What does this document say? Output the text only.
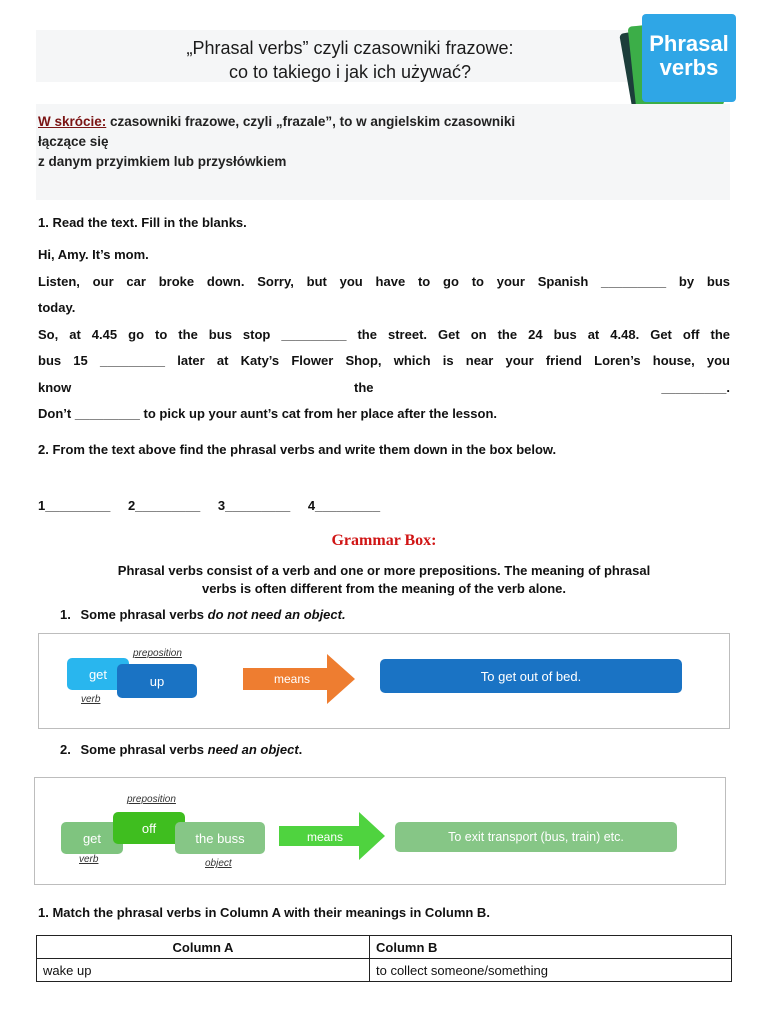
„Phrasal verbs” czyli czasowniki frazowe:
co to takiego i jak ich używać?
Phrasal
verbs
W skrócie: czasowniki frazowe, czyli „frazale”, to w angielskim czasowniki
łączące się
z danym przyimkiem lub przysłówkiem
1. Read the text. Fill in the blanks.
Hi, Amy. It’s mom.
Listen, our car broke down. Sorry, but you have to go to your Spanish _________ by bus
today.
So, at 4.45 go to the bus stop _________ the street. Get on the 24 bus at 4.48. Get off the
bus 15 _________ later at Katy’s Flower Shop, which is near your friend Loren’s house, you
know	the	_________.
Don’t _________ to pick up your aunt’s cat from her place after the lesson.
2. From the text above find the phrasal verbs and write them down in the box below.
1_________ 2_________ 3_________ 4_________
Grammar Box:
Phrasal verbs consist of a verb and one or more prepositions. The meaning of phrasal
verbs is often different from the meaning of the verb alone.
1. Some phrasal verbs do not need an object.
preposition
get	up
verb
means	To get out of bed.
2. Some phrasal verbs need an object.
preposition
get
off
the buss
verb	object
means	To exit transport (bus, train) etc.
1. Match the phrasal verbs in Column A with their meanings in Column B.
Column A	Column B
wake up	to collect someone/something
